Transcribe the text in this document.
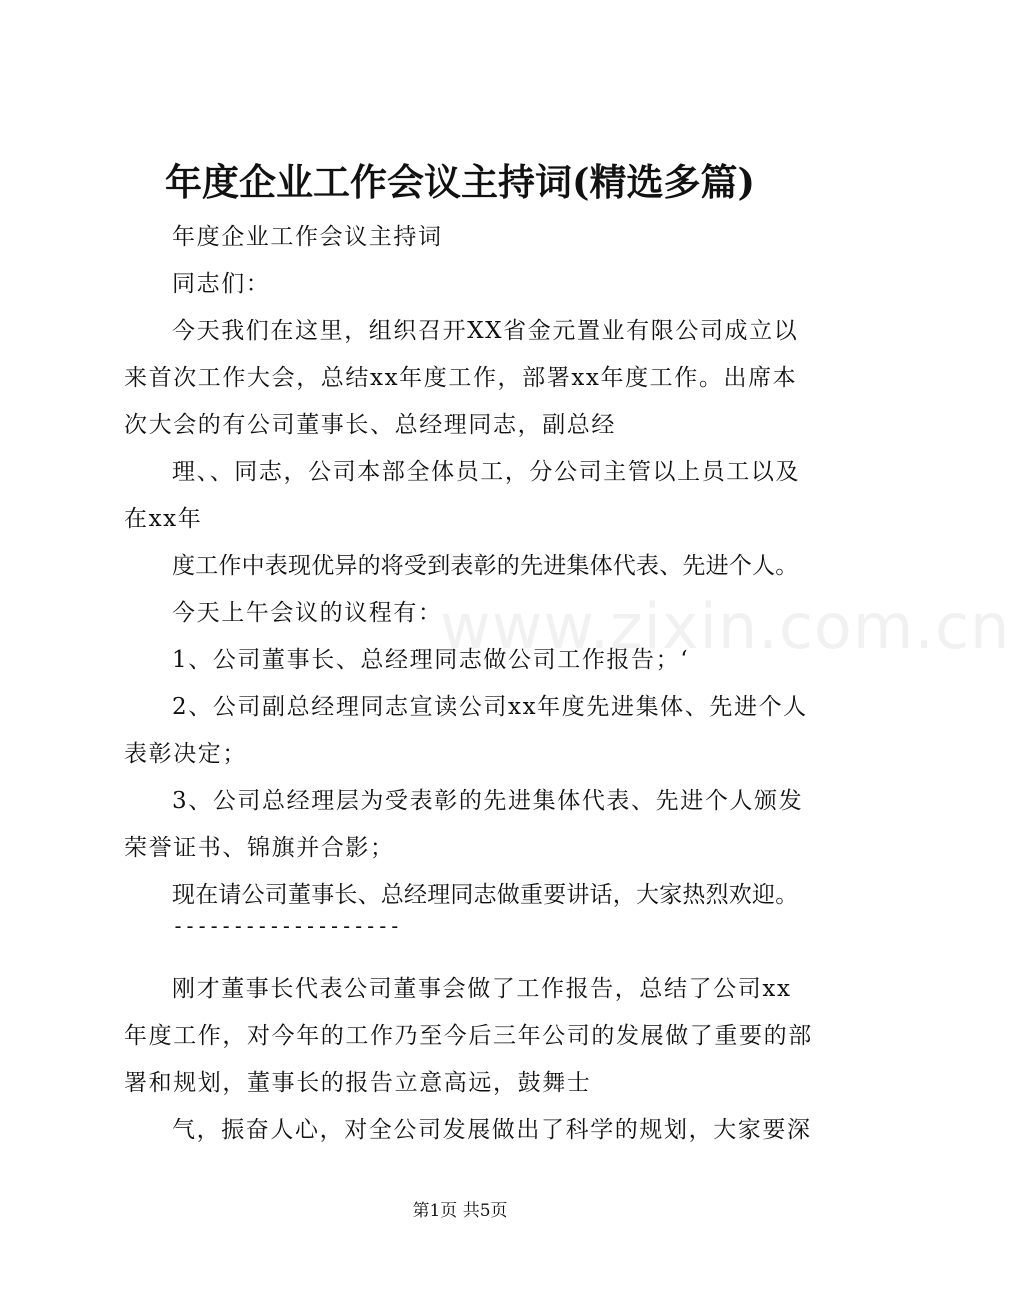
年度企业工作会议主持词(精选多篇)

年度企业工作会议主持词

同志们：

今天我们在这里，组织召开XX省金元置业有限公司成立以来首次工作大会，总结xx年度工作，部署xx年度工作。出席本次大会的有公司董事长、总经理同志，副总经

理、、同志，公司本部全体员工，分公司主管以上员工以及在xx年

度工作中表现优异的将受到表彰的先进集体代表、先进个人。

今天上午会议的议程有：

1、公司董事长、总经理同志做公司工作报告；‘

2、公司副总经理同志宣读公司xx年度先进集体、先进个人表彰决定；

3、公司总经理层为受表彰的先进集体代表、先进个人颁发荣誉证书、锦旗并合影；

现在请公司董事长、总经理同志做重要讲话，大家热烈欢迎。

-------------------

刚才董事长代表公司董事会做了工作报告，总结了公司xx年度工作，对今年的工作乃至今后三年公司的发展做了重要的部署和规划，董事长的报告立意高远，鼓舞士

气，振奋人心，对全公司发展做出了科学的规划，大家要深

www.zixin.com.cn
第1页 共5页
